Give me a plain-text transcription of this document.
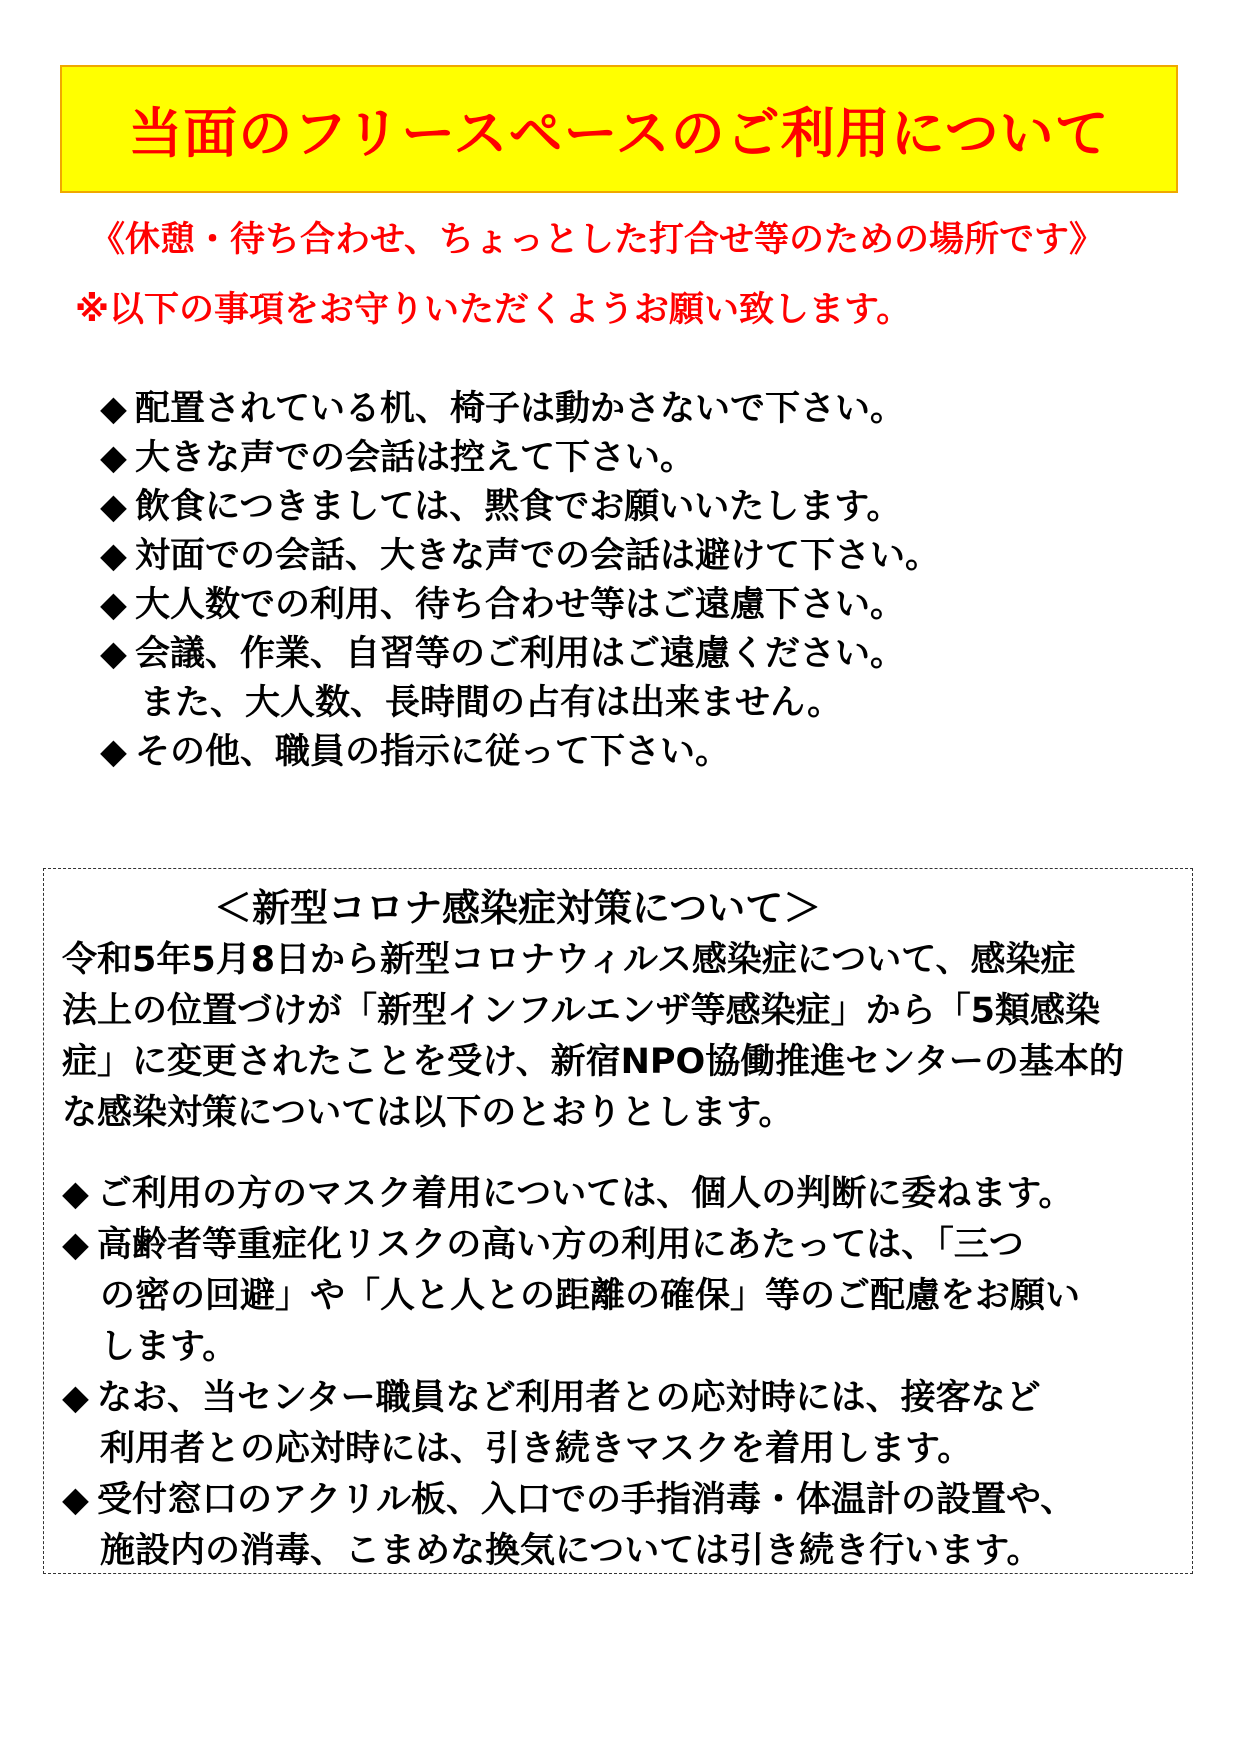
当面のフリースペースのご利用について
《休憩・待ち合わせ、ちょっとした打合せ等のための場所です》
※以下の事項をお守りいただくようお願い致します。
◆ 配置されている机、椅子は動かさないで下さい。
◆ 大きな声での会話は控えて下さい。
◆ 飲食につきましては、黙食でお願いいたします。
◆ 対面での会話、大きな声での会話は避けて下さい。
◆ 大人数での利用、待ち合わせ等はご遠慮下さい。
◆ 会議、作業、自習等のご利用はご遠慮ください。
また、大人数、長時間の占有は出来ません。
◆ その他、職員の指示に従って下さい。
＜新型コロナ感染症対策について＞
令和5年5月8日から新型コロナウィルス感染症について、感染症
法上の位置づけが「新型インフルエンザ等感染症」から「5類感染
症」に変更されたことを受け、新宿NPO協働推進センターの基本的
な感染対策については以下のとおりとします。
◆ ご利用の方のマスク着用については、個人の判断に委ねます。
◆ 高齢者等重症化リスクの高い方の利用にあたっては、「三つ
の密の回避」や「人と人との距離の確保」等のご配慮をお願い
します。
◆ なお、当センター職員など利用者との応対時には、接客など
利用者との応対時には、引き続きマスクを着用します。
◆ 受付窓口のアクリル板、入口での手指消毒・体温計の設置や、
施設内の消毒、こまめな換気については引き続き行います。
